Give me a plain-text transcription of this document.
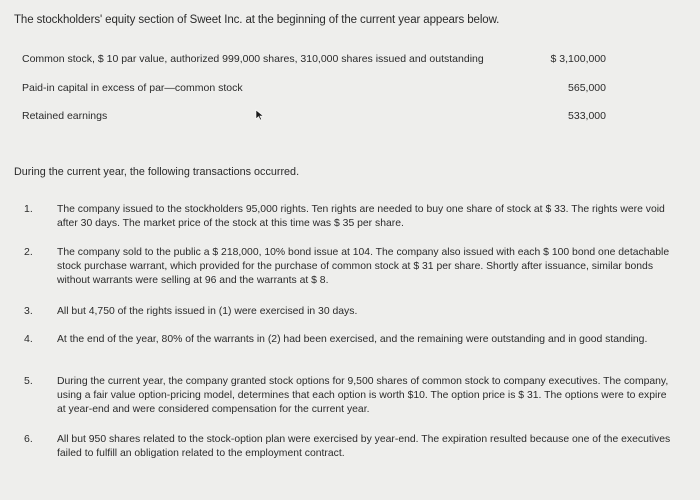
The stockholders' equity section of Sweet Inc. at the beginning of the current year appears below.
Common stock, $ 10 par value, authorized 999,000 shares, 310,000 shares issued and outstanding	$ 3,100,000
Paid-in capital in excess of par—common stock	565,000
Retained earnings	533,000
During the current year, the following transactions occurred.
1. The company issued to the stockholders 95,000 rights. Ten rights are needed to buy one share of stock at $ 33. The rights were void after 30 days. The market price of the stock at this time was $ 35 per share.
2. The company sold to the public a $ 218,000, 10% bond issue at 104. The company also issued with each $ 100 bond one detachable stock purchase warrant, which provided for the purchase of common stock at $ 31 per share. Shortly after issuance, similar bonds without warrants were selling at 96 and the warrants at $ 8.
3. All but 4,750 of the rights issued in (1) were exercised in 30 days.
4. At the end of the year, 80% of the warrants in (2) had been exercised, and the remaining were outstanding and in good standing.
5. During the current year, the company granted stock options for 9,500 shares of common stock to company executives. The company, using a fair value option-pricing model, determines that each option is worth $10. The option price is $ 31. The options were to expire at year-end and were considered compensation for the current year.
6. All but 950 shares related to the stock-option plan were exercised by year-end. The expiration resulted because one of the executives failed to fulfill an obligation related to the employment contract.
